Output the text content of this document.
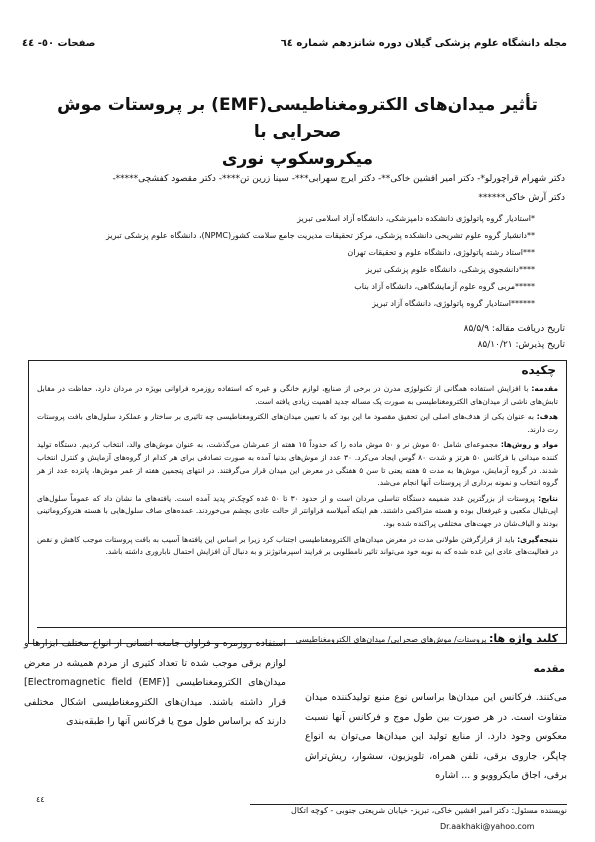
مجله دانشگاه علوم پزشکی گیلان دوره شانزدهم شماره ٦٤
صفحات ٥٠- ٤٤
تأثیر میدان‌های الکترومغناطیسی(EMF) بر پروستات موش صحرایی با
میکروسکوپ نوری
دکتر شهرام قراچورلو*- دکتر امیر افشین خاکی**- دکتر ایرج سهرابی***- سینا زرین تن****- دکتر مقصود کفشچی*****-
دکتر آرش خاکی******
*استادیار گروه پاتولوژی دانشکده دامپزشکی، دانشگاه آزاد اسلامی تبریز
**دانشیار گروه علوم تشریحی دانشکده پزشکی، مرکز تحقیقات مدیریت جامع سلامت کشور(NPMC)، دانشگاه علوم پزشکی تبریز
***استاد رشته پاتولوژی، دانشگاه علوم و تحقیقات تهران
****دانشجوی پزشکی، دانشگاه علوم پزشکی تبریز
*****مربی گروه علوم آزمایشگاهی، دانشگاه آزاد بناب
******استادیار گروه پاتولوژی، دانشگاه آزاد تبریز
تاریخ دریافت مقاله: ۸۵/۵/۹
تاریخ پذیرش: ۸۵/۱۰/۲۱
چکیده

مقدمه: با افزایش استفاده همگانی از تکنولوژی مدرن در برخی از صنایع، لوازم خانگی و غیره که استفاده روزمره فراوانی بویژه در مردان دارد، حفاظت در مقابل تابش‌های ناشی از میدان‌های الکترومغناطیسی به صورت یک مساله جدید اهمیت زیادی یافته است.

هدف: به عنوان یکی از هدف‌های اصلی این تحقیق مقصود ما این بود که با تعیین میدان‌های الکترومغناطیسی چه تاثیری بر ساختار و عملکرد سلول‌های بافت پروستات رت دارند.

مواد و روش‌ها: مجموعه‌ای شامل ۵۰ موش نر و ۵۰ موش ماده را که حدوداً ۱۵ هفته از عمرشان می‌گذشت، به عنوان موش‌های والد، انتخاب کردیم. دستگاه تولید کننده میدانی با فرکانس ۵۰ هرتز و شدت ۸۰ گوس ایجاد می‌کرد. ۳۰ عدد از موش‌های بدنیا آمده به صورت تصادفی برای هر کدام از گروه‌های آزمایش و کنترل انتخاب شدند. در گروه آزمایش، موش‌ها به مدت ۵ هفته یعنی تا سن ۵ هفتگی در معرض این میدان قرار می‌گرفتند. در انتهای پنجمین هفته از عمر موش‌ها، پانزده عدد از هر گروه انتخاب و نمونه برداری از پروستات آنها انجام می‌شد.

نتایج: پروستات از بزرگترین غدد ضمیمه دستگاه تناسلی مردان است و از حدود ۳۰ تا ۵۰ غده کوچک‌تر پدید آمده است. یافته‌های ما نشان داد که عموماً سلول‌های اپی‌تلیال مکعبی و غیرفعال بوده و هسته متراکمی داشتند. هم اینکه آمیلاسه فراوانتر از حالت عادی بچشم می‌خوردند. عمده‌های صاف سلول‌هایی با هسته هتروکروماتینی بودند و الیاف‌شان در جهت‌های مختلفی پراکنده شده بود.

نتیجه‌گیری: باید از قرارگرفتن طولانی مدت در معرض میدان‌های الکترومغناطیسی اجتناب کرد زیرا بر اساس این یافته‌ها آسیب به بافت پروستات موجب کاهش و نقص در فعالیت‌های عادی این غده شده که به نوبه خود می‌تواند تاثیر نامطلوبی بر فرایند اسپرماتوژنز و به دنبال آن افزایش احتمال ناباروری داشته باشد.

کلید واژه ها: پروستات/ موش‌های صحرایی/ میدان‌های الکترومغناطیسی
مقدمه
می‌کنند. فرکانس این میدان‌ها براساس نوع منبع تولیدکننده میدان متفاوت است. در هر صورت بین طول موج و فرکانس آنها نسبت معکوس وجود دارد. از منابع تولید این میدان‌ها می‌توان به انواع چاپگر، جاروی برقی، تلفن همراه، تلویزیون، سشوار، ریش‌تراش برقی، اجاق مایکروویو و ... اشاره
استفاده روزمره و فراوان جامعه انسانی از انواع مختلف ابزارها و لوازم برقی موجب شده تا تعداد کثیری از مردم همیشه در معرض میدان‌های الکترومغناطیسی [Electromagnetic field (EMF)] قرار داشته باشند. میدان‌های الکترومغناطیسی اشکال مختلفی دارند که براساس طول موج یا فرکانس آنها را طبقه‌بندی
٤٤
نویسنده مسئول: دکتر امیر افشین خاکی، تبریز- خیابان شریعتی جنوبی - کوچه اتکال
Dr.aakhaki@yahoo.com
